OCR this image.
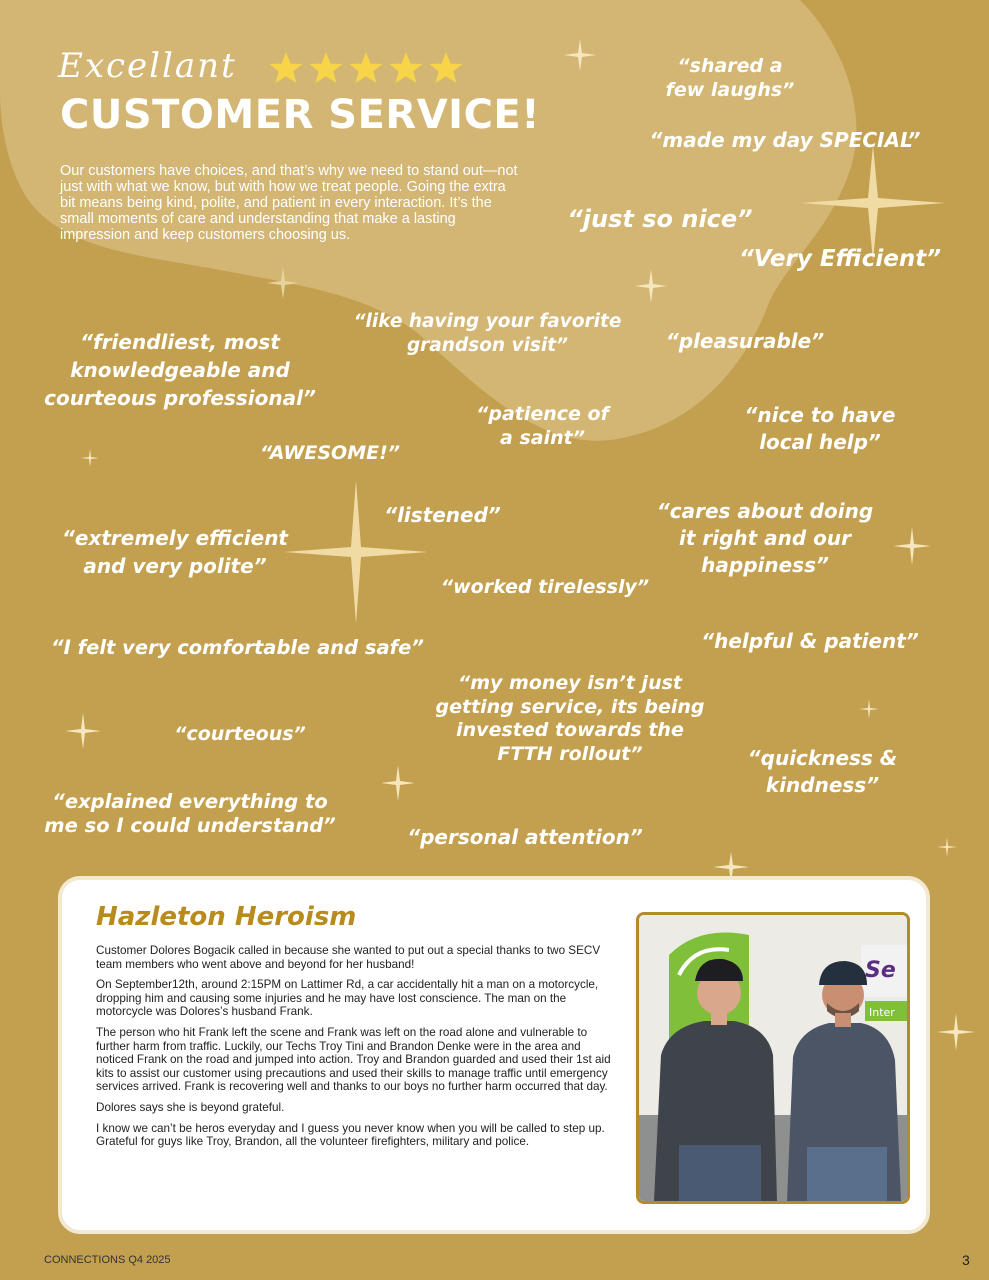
Excellant
CUSTOMER SERVICE!
Our customers have choices, and that’s why we need to stand out—not just with what we know, but with how we treat people. Going the extra bit means being kind, polite, and patient in every interaction. It’s the small moments of care and understanding that make a lasting impression and keep customers choosing us.
“shared a
few laughs”
“made my day SPECIAL”
“just so nice”
“Very Efficient”
“like having your favorite
grandson visit”	“pleasurable”
“friendliest, most
knowledgeable and
courteous professional”
“patience of
a saint”
“nice to have
local help”
“AWESOME!”
“listened”	“cares about doing
it right and our
happiness”
“extremely efficient
and very polite”
“worked tirelessly”
“I felt very comfortable and safe”	“helpful & patient”
“my money isn’t just
getting service, its being
invested towards the
FTTH rollout”
“courteous”
“quickness &
kindness”
“explained everything to
me so I could understand”	“personal attention”
Hazleton Heroism

Customer Dolores Bogacik called in because she wanted to put out a special thanks to two SECV team members who went above and beyond for her husband!

On September12th, around 2:15PM on Lattimer Rd, a car accidentally hit a man on a motorcycle, dropping him and causing some injuries and he may have lost conscience. The man on the motorcycle was Dolores’s husband Frank.

The person who hit Frank left the scene and Frank was left on the road alone and vulnerable to further harm from traffic. Luckily, our Techs Troy Tini and Brandon Denke were in the area and noticed Frank on the road and jumped into action. Troy and Brandon guarded and used their 1st aid kits to assist our customer using precautions and used their skills to manage traffic until emergency services arrived. Frank is recovering well and thanks to our boys no further harm occurred that day.

Dolores says she is beyond grateful.

I know we can’t be heros everyday and I guess you never know when you will be called to step up. Grateful for guys like Troy, Brandon, all the volunteer firefighters, military and police.

Se
Inter
CONNECTIONS Q4 2025	3
